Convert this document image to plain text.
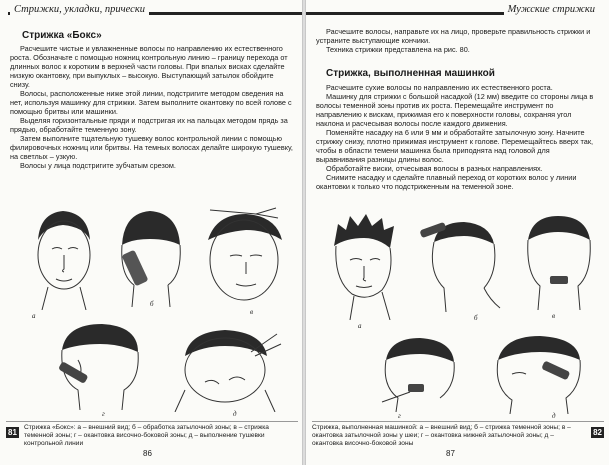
Стрижки, укладки, прически
Стрижка «Бокс»

Расчешите чистые и увлажненные волосы по направлению их естественного роста. Обозначьте с помощью ножниц контрольную линию – границу перехода от длинных волос к коротким в верхней части головы. При впалых висках сделайте низкую окантовку, при выпуклых – высокую. Выступающий затылок обойдите снизу.

Волосы, расположенные ниже этой линии, подстригите методом сведения на нет, используя машинку для стрижки. Затем выполните окантовку по всей голове с помощью бритвы или машинки.

Выделяя горизонтальные пряди и подстригая их на пальцах методом прядь за прядью, обработайте теменную зону.

Затем выполните тщательную тушевку волос контрольной линии с помощью филировочных ножниц или бритвы. На темных волосах делайте широкую тушевку, на светлых – узкую.

Волосы у лица подстригите зубчатым срезом.

а
б
в
г	д
81
Стрижка «Бокс»: а – внешний вид; б – обработка затылочной зоны; в – стрижка теменной зоны; г – окантовка височно-боковой зоны; д – выполнение тушевки контрольной линии
86
Мужские стрижки

Расчешите волосы, направьте их на лицо, проверьте правильность стрижки и устраните выступающие кончики.

Техника стрижки представлена на рис. 80.

Стрижка, выполненная машинкой

Расчешите сухие волосы по направлению их естественного роста.

Машинку для стрижки с большой насадкой (12 мм) введите со стороны лица в волосы теменной зоны против их роста. Перемещайте инструмент по направлению к вискам, прижимая его к поверхности головы, сохраняя угол наклона и расчесывая волосы после каждого движения.

Поменяйте насадку на 6 или 9 мм и обработайте затылочную зону. Начните стрижку снизу, плотно прижимая инструмент к голове. Перемещайтесь вверх так, чтобы в области темени машинка была приподнята над головой для выравнивания разницы длины волос.

Обработайте виски, отчесывая волосы в разных направлениях.

Снимите насадку и сделайте плавный переход от коротких волос у линии окантовки к только что подстриженным на теменной зоне.

а
б	в
г	д
Стрижка, выполненная машинкой: а – внешний вид; б – стрижка теменной зоны; в – окантовка затылочной зоны у шеи; г – окантовка нижней затылочной зоны; д – окантовка височно-боковой зоны
82
87
